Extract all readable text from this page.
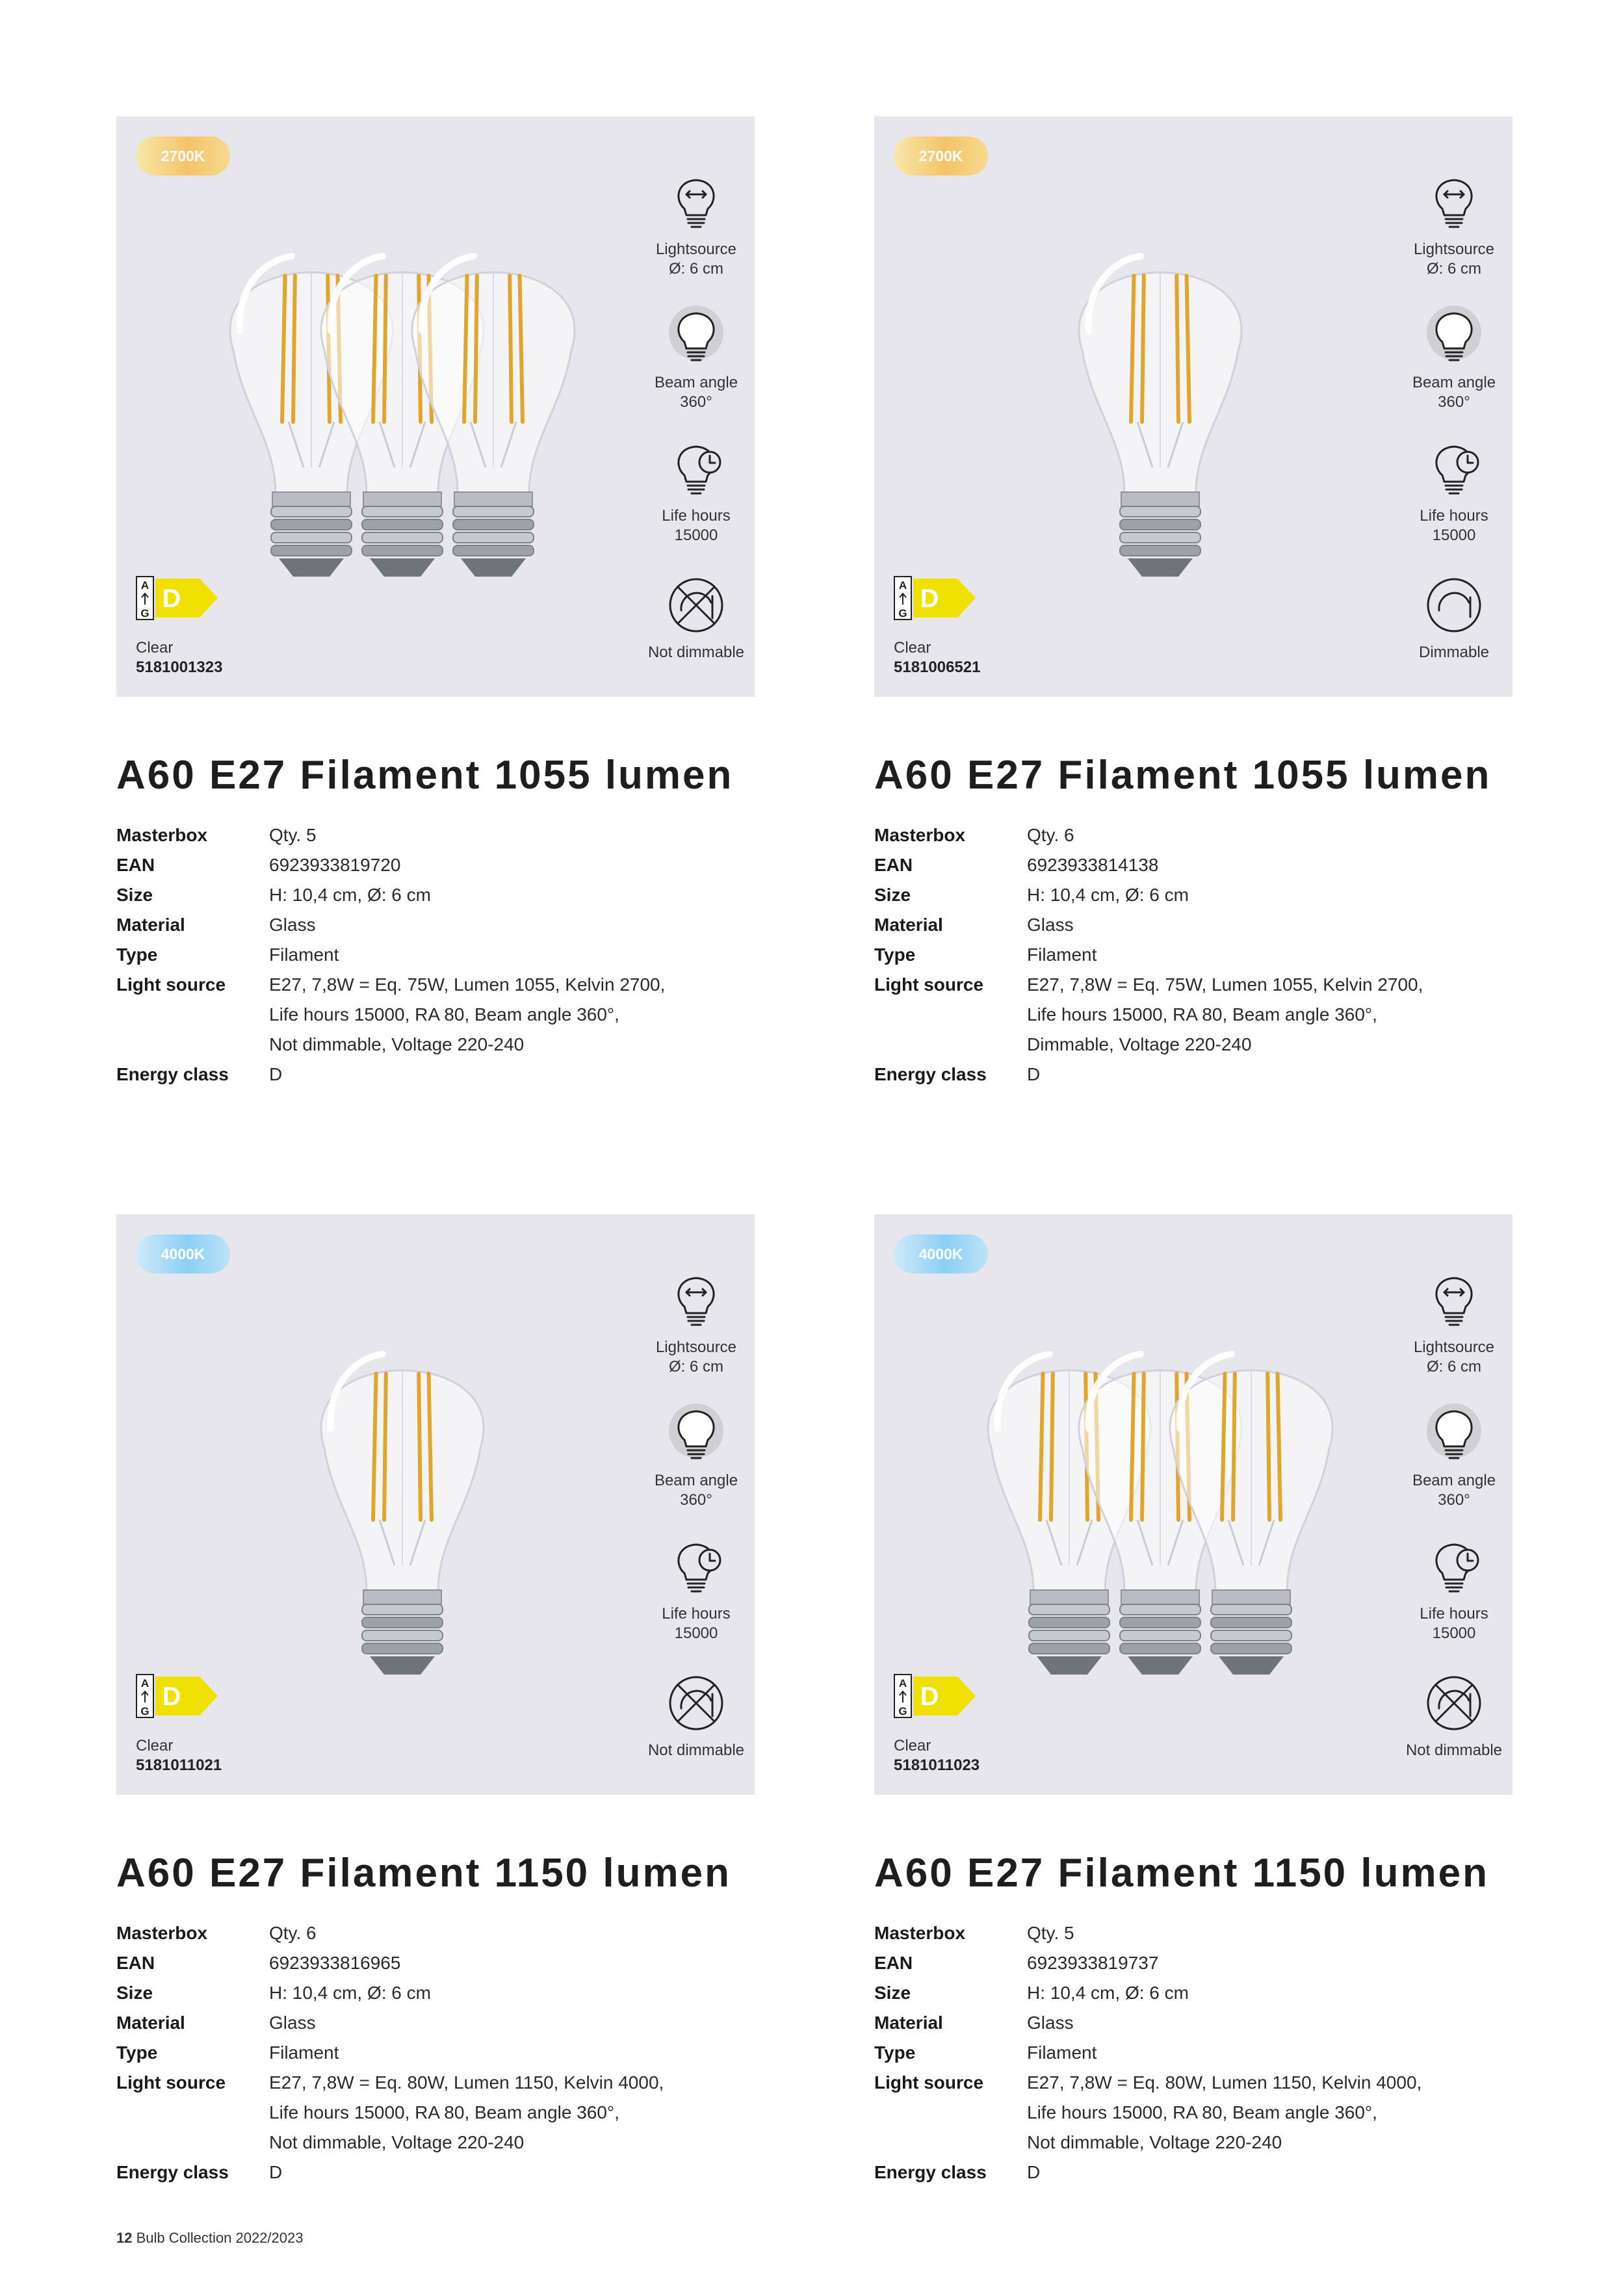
2700K
Lightsource
Ø: 6 cm
Beam angle
360°
Life hours
15000
Not dimmable
A
G
D
Clear
5181001323
A60 E27 Filament 1055 lumen
Masterbox	Qty. 5
EAN	6923933819720
Size	H: 10,4 cm, Ø: 6 cm
Material	Glass
Type	Filament
Light source	E27, 7,8W = Eq. 75W, Lumen 1055, Kelvin 2700,
Life hours 15000, RA 80, Beam angle 360°,
Not dimmable, Voltage 220-240
Energy class	D
2700K
Lightsource
Ø: 6 cm
Beam angle
360°
Life hours
15000
Dimmable
A
G
D
Clear
5181006521
A60 E27 Filament 1055 lumen
Masterbox	Qty. 6
EAN	6923933814138
Size	H: 10,4 cm, Ø: 6 cm
Material	Glass
Type	Filament
Light source	E27, 7,8W = Eq. 75W, Lumen 1055, Kelvin 2700,
Life hours 15000, RA 80, Beam angle 360°,
Dimmable, Voltage 220-240
Energy class	D
4000K
Lightsource
Ø: 6 cm
Beam angle
360°
Life hours
15000
Not dimmable
A
G
D
Clear
5181011021
A60 E27 Filament 1150 lumen
Masterbox	Qty. 6
EAN	6923933816965
Size	H: 10,4 cm, Ø: 6 cm
Material	Glass
Type	Filament
Light source	E27, 7,8W = Eq. 80W, Lumen 1150, Kelvin 4000,
Life hours 15000, RA 80, Beam angle 360°,
Not dimmable, Voltage 220-240
Energy class	D
4000K
Lightsource
Ø: 6 cm
Beam angle
360°
Life hours
15000
Not dimmable
A
G
D
Clear
5181011023
A60 E27 Filament 1150 lumen
Masterbox	Qty. 5
EAN	6923933819737
Size	H: 10,4 cm, Ø: 6 cm
Material	Glass
Type	Filament
Light source	E27, 7,8W = Eq. 80W, Lumen 1150, Kelvin 4000,
Life hours 15000, RA 80, Beam angle 360°,
Not dimmable, Voltage 220-240
Energy class	D
12 Bulb Collection 2022/2023
